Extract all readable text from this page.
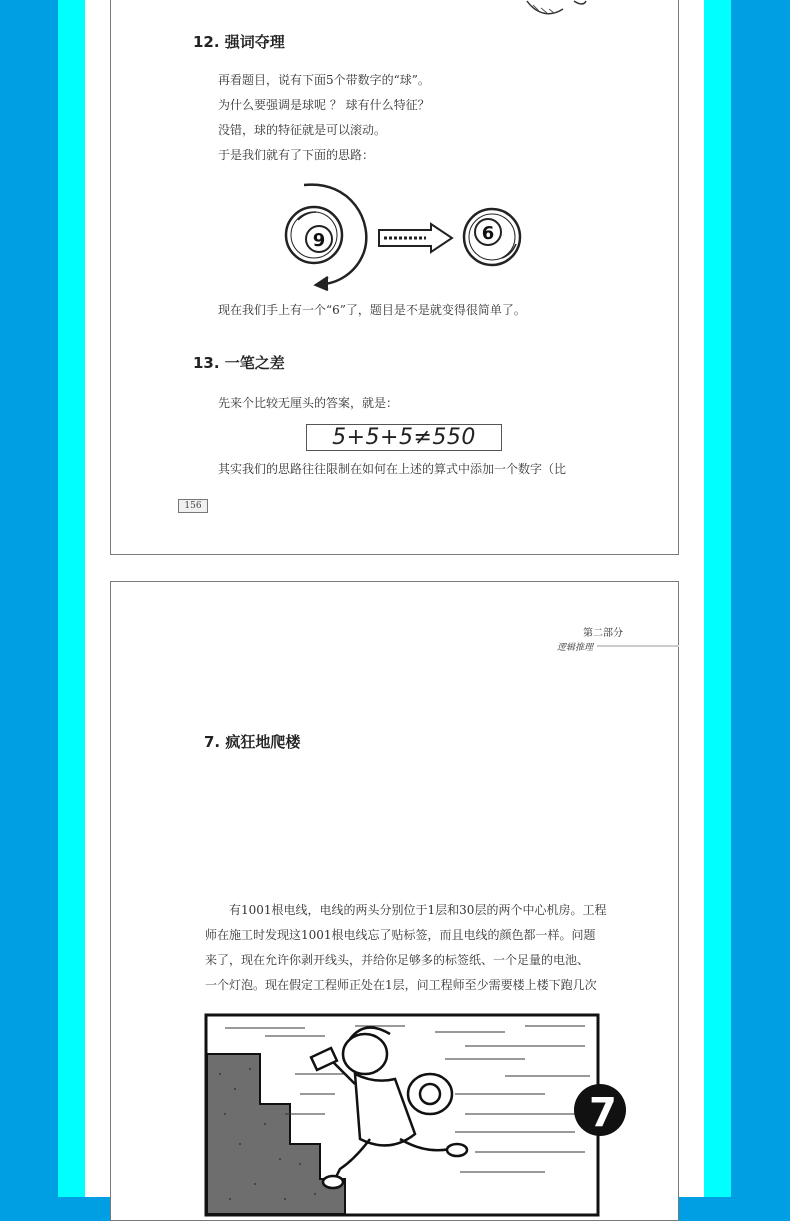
12. 强词夺理
再看题目，说有下面5个带数字的“球”。
为什么要强调是球呢 ？ 球有什么特征？
没错，球的特征就是可以滚动。
于是我们就有了下面的思路：
9	6
现在我们手上有一个“6”了，题目是不是就变得很简单了。
13. 一笔之差
先来个比较无厘头的答案，就是：
5+5+5≠550
其实我们的思路往往限制在如何在上述的算式中添加一个数字（比
156
第二部分
逻辑推理
7. 疯狂地爬楼
有1001根电线，电线的两头分别位于1层和30层的两个中心机房。工程
师在施工时发现这1001根电线忘了贴标签，而且电线的颜色都一样。问题
来了，现在允许你剥开线头，并给你足够多的标签纸、一个足量的电池、
一个灯泡。现在假定工程师正处在1层，问工程师至少需要楼上楼下跑几次
7
